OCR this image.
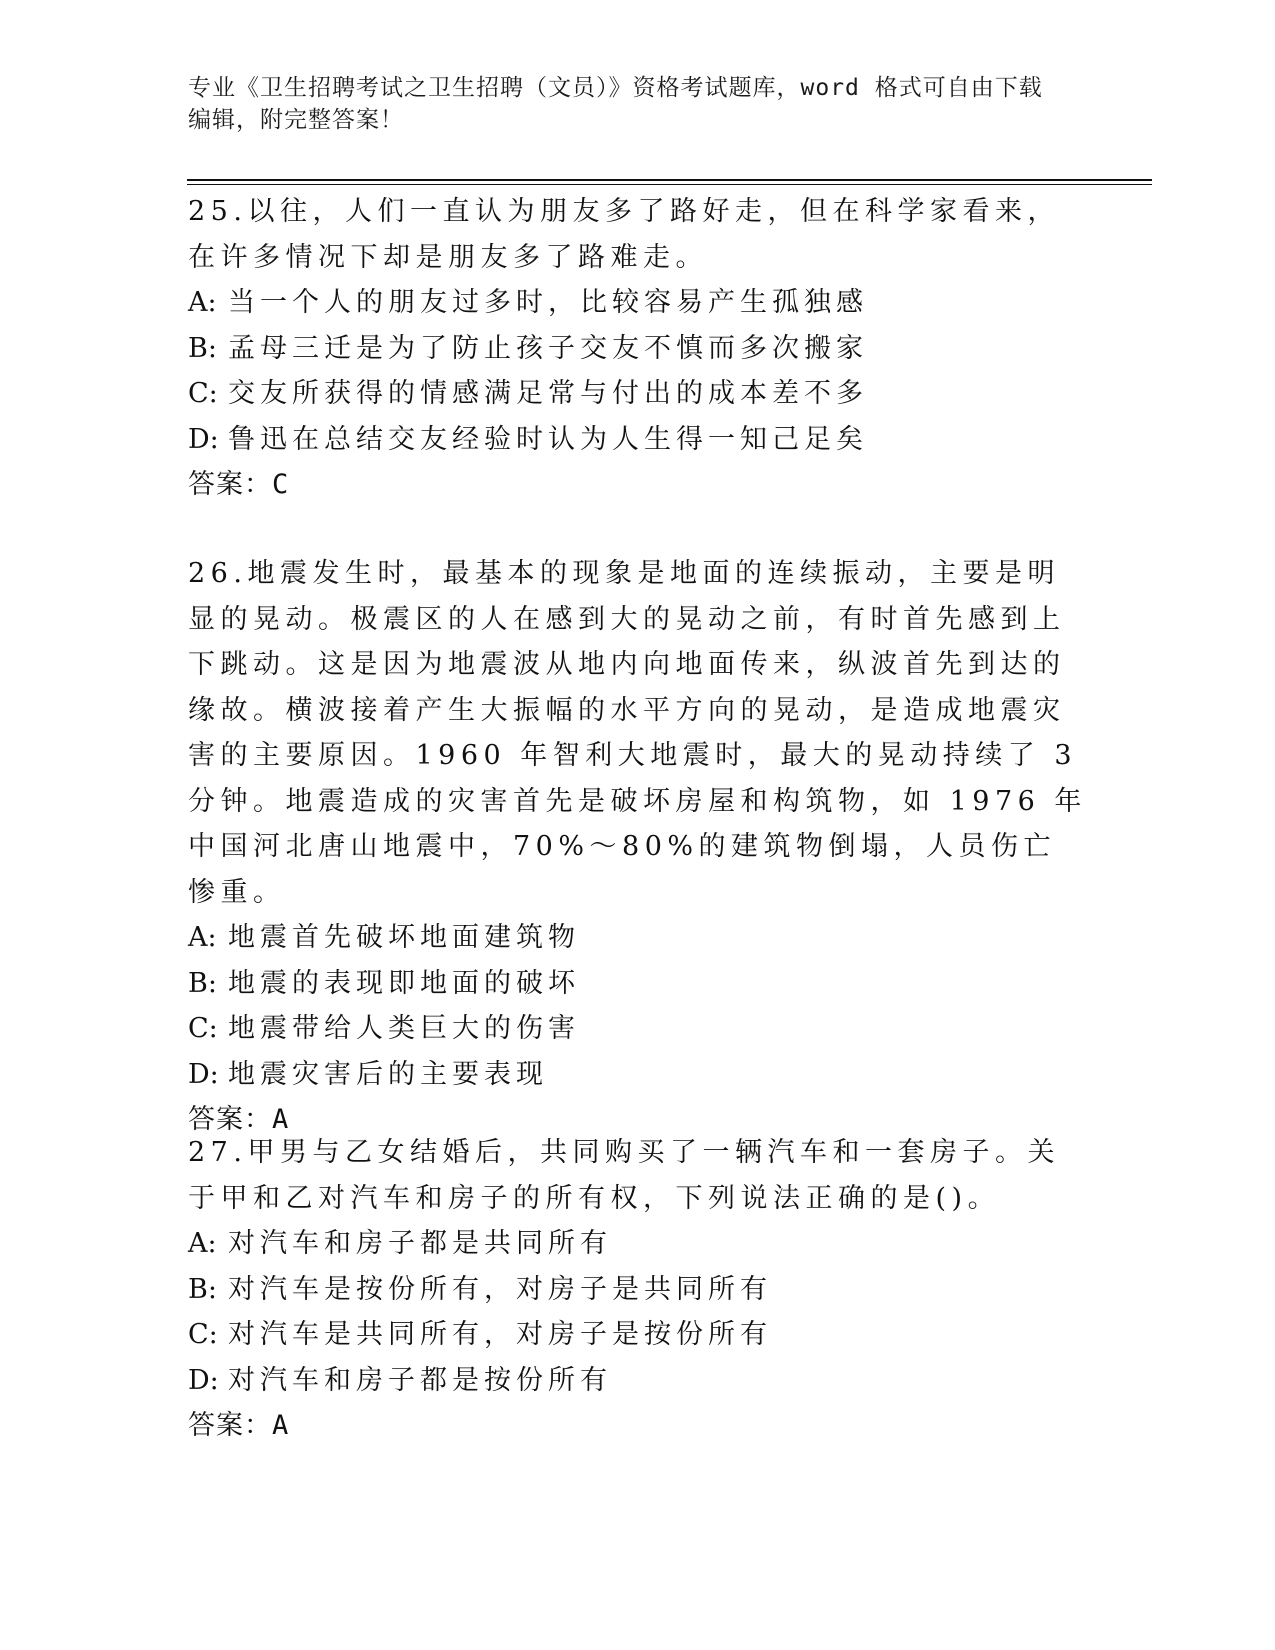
专业《卫生招聘考试之卫生招聘（文员）》资格考试题库，word 格式可自由下载
编辑，附完整答案！

25.以往，人们一直认为朋友多了路好走，但在科学家看来，在许多情况下却是朋友多了路难走。

A: 当一个人的朋友过多时，比较容易产生孤独感

B: 孟母三迁是为了防止孩子交友不慎而多次搬家

C: 交友所获得的情感满足常与付出的成本差不多

D: 鲁迅在总结交友经验时认为人生得一知己足矣

答案：C

26.地震发生时，最基本的现象是地面的连续振动，主要是明显的晃动。极震区的人在感到大的晃动之前，有时首先感到上下跳动。这是因为地震波从地内向地面传来，纵波首先到达的缘故。横波接着产生大振幅的水平方向的晃动，是造成地震灾害的主要原因。1960 年智利大地震时，最大的晃动持续了 3 分钟。地震造成的灾害首先是破坏房屋和构筑物，如 1976 年中国河北唐山地震中，70%～80%的建筑物倒塌，人员伤亡惨重。

A: 地震首先破坏地面建筑物

B: 地震的表现即地面的破坏

C: 地震带给人类巨大的伤害

D: 地震灾害后的主要表现

答案：A

27.甲男与乙女结婚后，共同购买了一辆汽车和一套房子。关于甲和乙对汽车和房子的所有权，下列说法正确的是()。

A: 对汽车和房子都是共同所有

B: 对汽车是按份所有，对房子是共同所有

C: 对汽车是共同所有，对房子是按份所有

D: 对汽车和房子都是按份所有

答案：A
